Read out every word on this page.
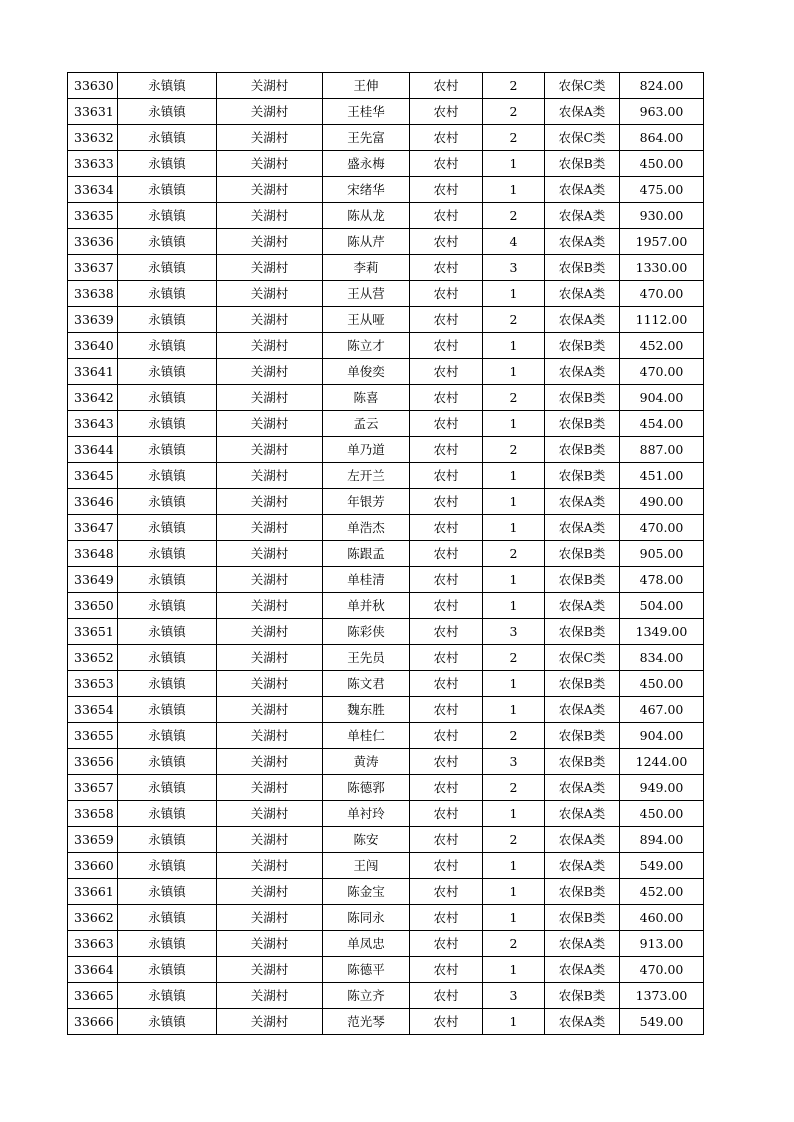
33630	永镇镇	关湖村	王伸	农村	2	农保C类	824.00
33631	永镇镇	关湖村	王桂华	农村	2	农保A类	963.00
33632	永镇镇	关湖村	王先富	农村	2	农保C类	864.00
33633	永镇镇	关湖村	盛永梅	农村	1	农保B类	450.00
33634	永镇镇	关湖村	宋绪华	农村	1	农保A类	475.00
33635	永镇镇	关湖村	陈从龙	农村	2	农保A类	930.00
33636	永镇镇	关湖村	陈从芹	农村	4	农保A类	1957.00
33637	永镇镇	关湖村	李莉	农村	3	农保B类	1330.00
33638	永镇镇	关湖村	王从营	农村	1	农保A类	470.00
33639	永镇镇	关湖村	王从哑	农村	2	农保A类	1112.00
33640	永镇镇	关湖村	陈立才	农村	1	农保B类	452.00
33641	永镇镇	关湖村	单俊奕	农村	1	农保A类	470.00
33642	永镇镇	关湖村	陈喜	农村	2	农保B类	904.00
33643	永镇镇	关湖村	孟云	农村	1	农保B类	454.00
33644	永镇镇	关湖村	单乃道	农村	2	农保B类	887.00
33645	永镇镇	关湖村	左开兰	农村	1	农保B类	451.00
33646	永镇镇	关湖村	年银芳	农村	1	农保A类	490.00
33647	永镇镇	关湖村	单浩杰	农村	1	农保A类	470.00
33648	永镇镇	关湖村	陈跟孟	农村	2	农保B类	905.00
33649	永镇镇	关湖村	单桂清	农村	1	农保B类	478.00
33650	永镇镇	关湖村	单并秋	农村	1	农保A类	504.00
33651	永镇镇	关湖村	陈彩侠	农村	3	农保B类	1349.00
33652	永镇镇	关湖村	王先员	农村	2	农保C类	834.00
33653	永镇镇	关湖村	陈文君	农村	1	农保B类	450.00
33654	永镇镇	关湖村	魏东胜	农村	1	农保A类	467.00
33655	永镇镇	关湖村	单桂仁	农村	2	农保B类	904.00
33656	永镇镇	关湖村	黄涛	农村	3	农保B类	1244.00
33657	永镇镇	关湖村	陈德郛	农村	2	农保A类	949.00
33658	永镇镇	关湖村	单衬玲	农村	1	农保A类	450.00
33659	永镇镇	关湖村	陈安	农村	2	农保A类	894.00
33660	永镇镇	关湖村	王闯	农村	1	农保A类	549.00
33661	永镇镇	关湖村	陈金宝	农村	1	农保B类	452.00
33662	永镇镇	关湖村	陈同永	农村	1	农保B类	460.00
33663	永镇镇	关湖村	单凤忠	农村	2	农保A类	913.00
33664	永镇镇	关湖村	陈德平	农村	1	农保A类	470.00
33665	永镇镇	关湖村	陈立齐	农村	3	农保B类	1373.00
33666	永镇镇	关湖村	范光琴	农村	1	农保A类	549.00
